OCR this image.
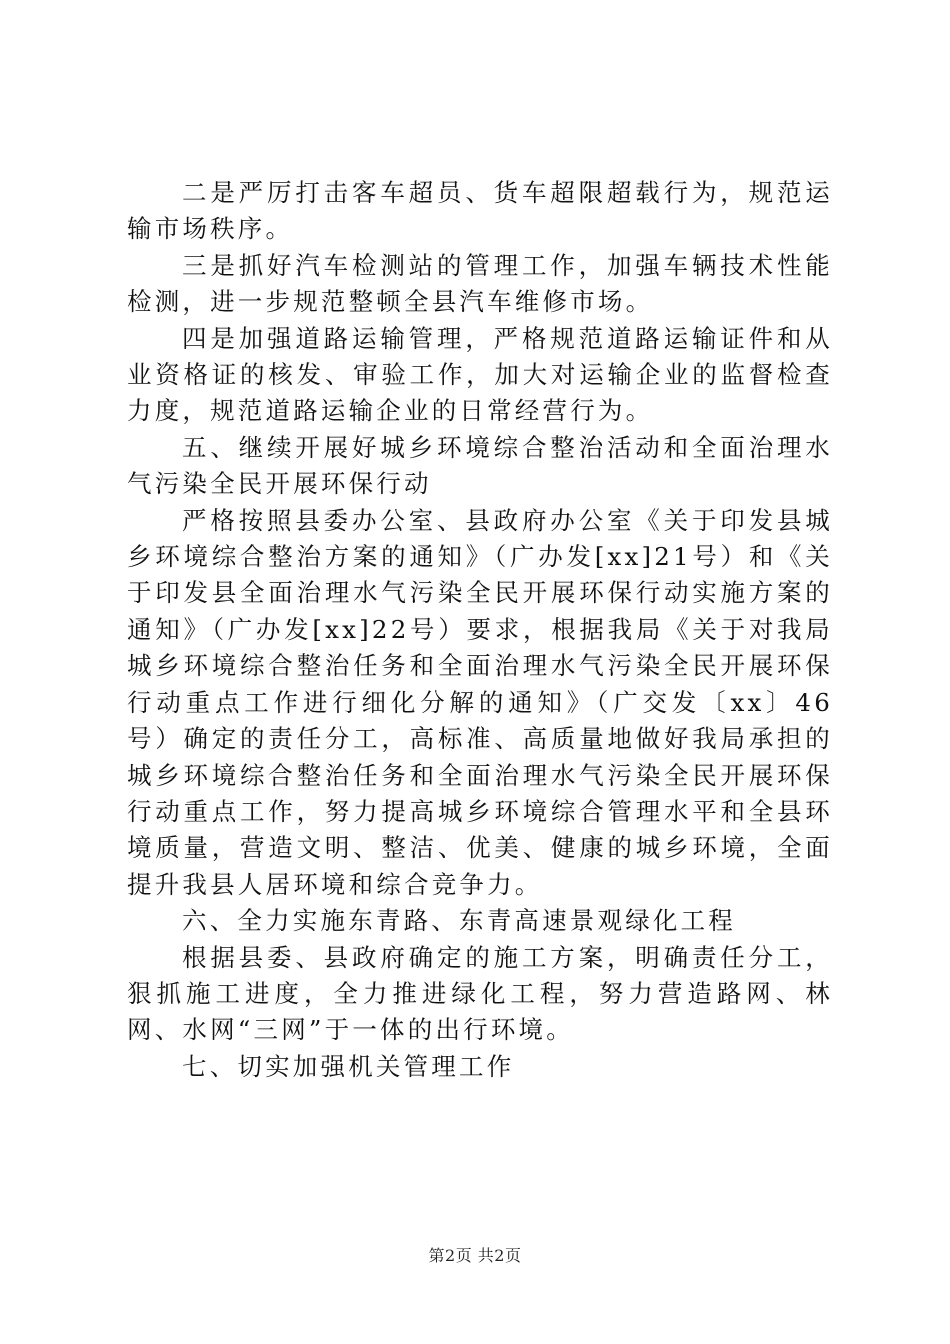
二是严厉打击客车超员、货车超限超载行为，规范运输市场秩序。

三是抓好汽车检测站的管理工作，加强车辆技术性能检测，进一步规范整顿全县汽车维修市场。

四是加强道路运输管理，严格规范道路运输证件和从业资格证的核发、审验工作，加大对运输企业的监督检查力度，规范道路运输企业的日常经营行为。

五、继续开展好城乡环境综合整治活动和全面治理水气污染全民开展环保行动

严格按照县委办公室、县政府办公室《关于印发县城乡环境综合整治方案的通知》（广办发[xx]21号）和《关于印发县全面治理水气污染全民开展环保行动实施方案的通知》（广办发[xx]22号）要求，根据我局《关于对我局城乡环境综合整治任务和全面治理水气污染全民开展环保行动重点工作进行细化分解的通知》（广交发〔xx〕46号）确定的责任分工，高标准、高质量地做好我局承担的城乡环境综合整治任务和全面治理水气污染全民开展环保行动重点工作，努力提高城乡环境综合管理水平和全县环境质量，营造文明、整洁、优美、健康的城乡环境，全面提升我县人居环境和综合竞争力。

六、全力实施东青路、东青高速景观绿化工程

根据县委、县政府确定的施工方案，明确责任分工，狠抓施工进度，全力推进绿化工程，努力营造路网、林网、水网“三网”于一体的出行环境。

七、切实加强机关管理工作

第2页 共2页
